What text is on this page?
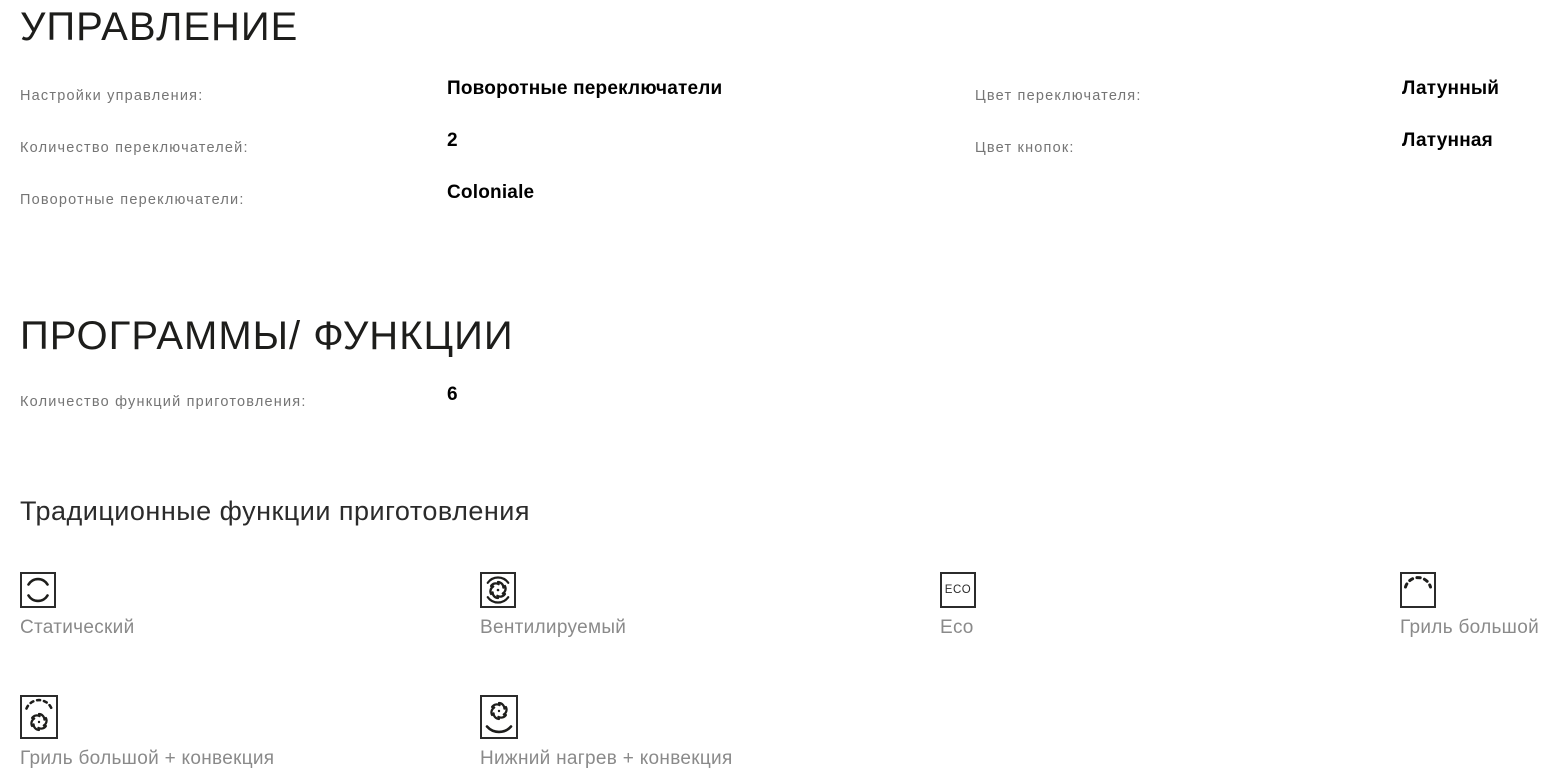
УПРАВЛЕНИЕ
Настройки управления:	Поворотные переключатели	Цвет переключателя:	Латунный
Количество переключателей:	2	Цвет кнопок:	Латунная
Поворотные переключатели:	Coloniale
ПРОГРАММЫ/ ФУНКЦИИ
Количество функций приготовления:	6
Традиционные функции приготовления
Статический	Вентилируемый
ECO
Eco	Гриль большой
Гриль большой + конвекция	Нижний нагрев + конвекция
